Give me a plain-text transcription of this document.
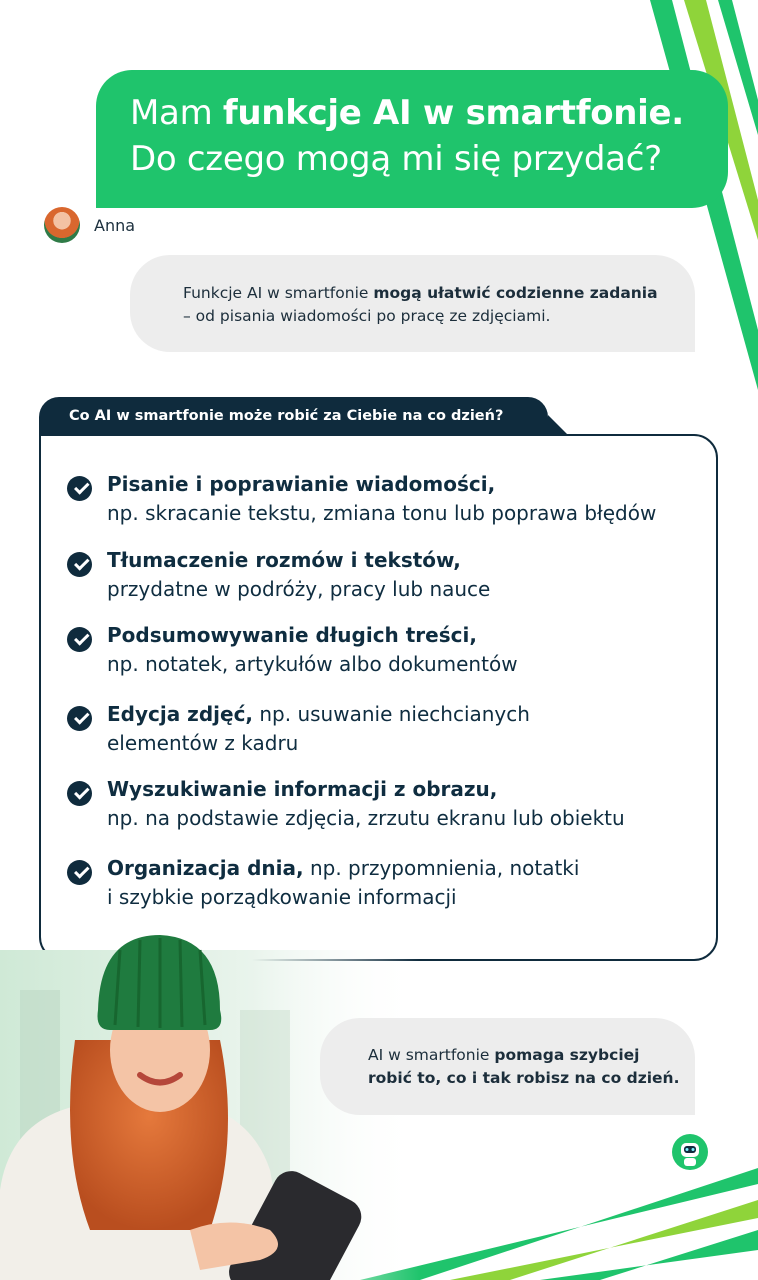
Mam funkcje AI w smartfonie.
Do czego mogą mi się przydać?
Anna
Funkcje AI w smartfonie mogą ułatwić codzienne zadania
– od pisania wiadomości po pracę ze zdjęciami.
Co AI w smartfonie może robić za Ciebie na co dzień?
Pisanie i poprawianie wiadomości,
np. skracanie tekstu, zmiana tonu lub poprawa błędów
Tłumaczenie rozmów i tekstów,
przydatne w podróży, pracy lub nauce
Podsumowywanie długich treści,
np. notatek, artykułów albo dokumentów
Edycja zdjęć, np. usuwanie niechcianych
elementów z kadru
Wyszukiwanie informacji z obrazu,
np. na podstawie zdjęcia, zrzutu ekranu lub obiektu
Organizacja dnia, np. przypomnienia, notatki
i szybkie porządkowanie informacji
AI w smartfonie pomaga szybciej
robić to, co i tak robisz na co dzień.
